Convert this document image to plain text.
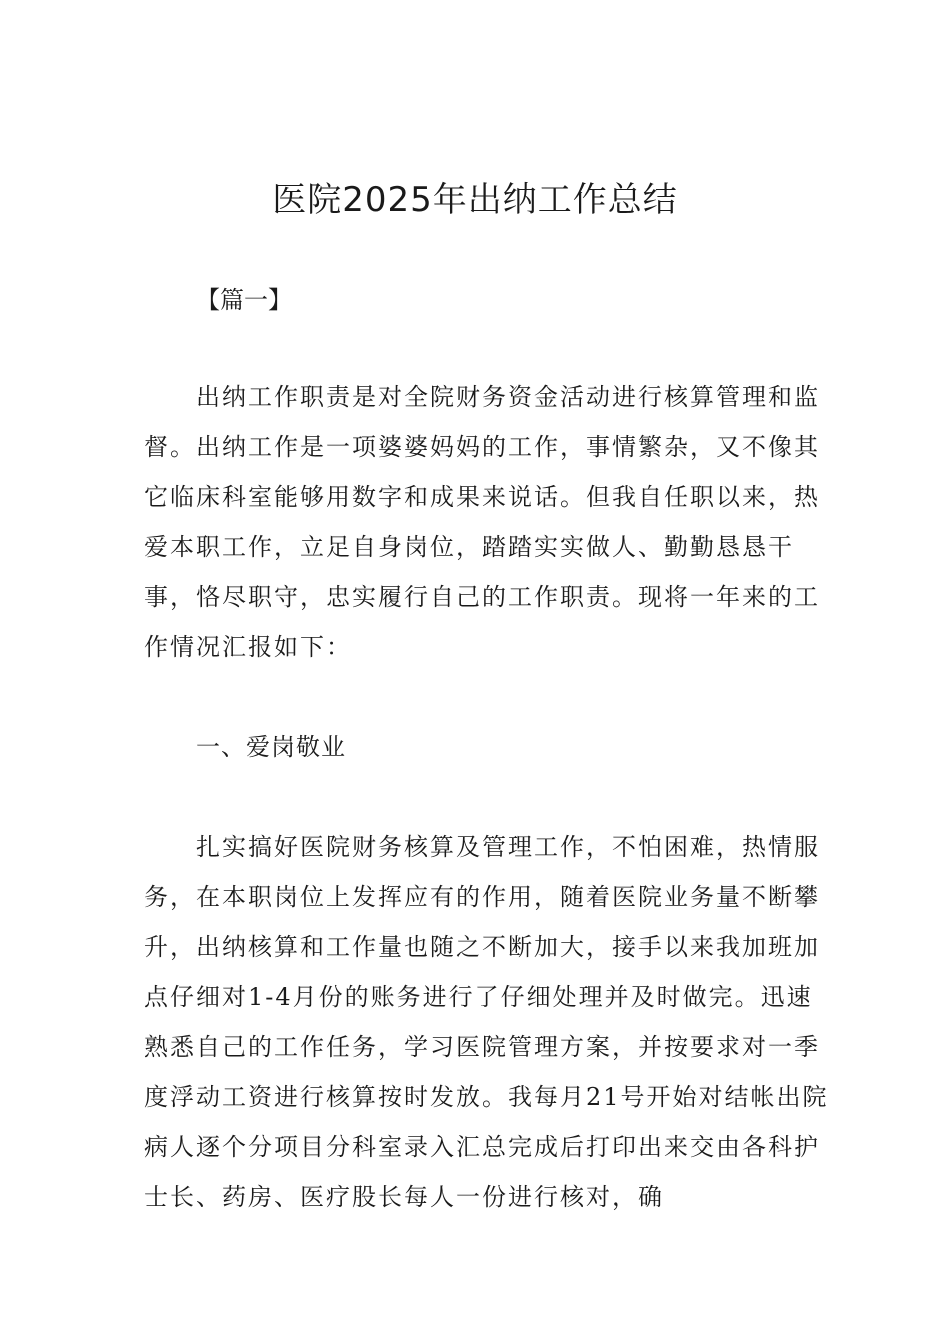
医院2025年出纳工作总结

【篇一】

出纳工作职责是对全院财务资金活动进行核算管理和监督。出纳工作是一项婆婆妈妈的工作，事情繁杂，又不像其它临床科室能够用数字和成果来说话。但我自任职以来，热爱本职工作，立足自身岗位，踏踏实实做人、勤勤恳恳干事，恪尽职守，忠实履行自己的工作职责。现将一年来的工作情况汇报如下：

一、爱岗敬业

扎实搞好医院财务核算及管理工作，不怕困难，热情服务，在本职岗位上发挥应有的作用，随着医院业务量不断攀升，出纳核算和工作量也随之不断加大，接手以来我加班加点仔细对1-4月份的账务进行了仔细处理并及时做完。迅速熟悉自己的工作任务，学习医院管理方案，并按要求对一季度浮动工资进行核算按时发放。我每月21号开始对结帐出院病人逐个分项目分科室录入汇总完成后打印出来交由各科护士长、药房、医疗股长每人一份进行核对，确
